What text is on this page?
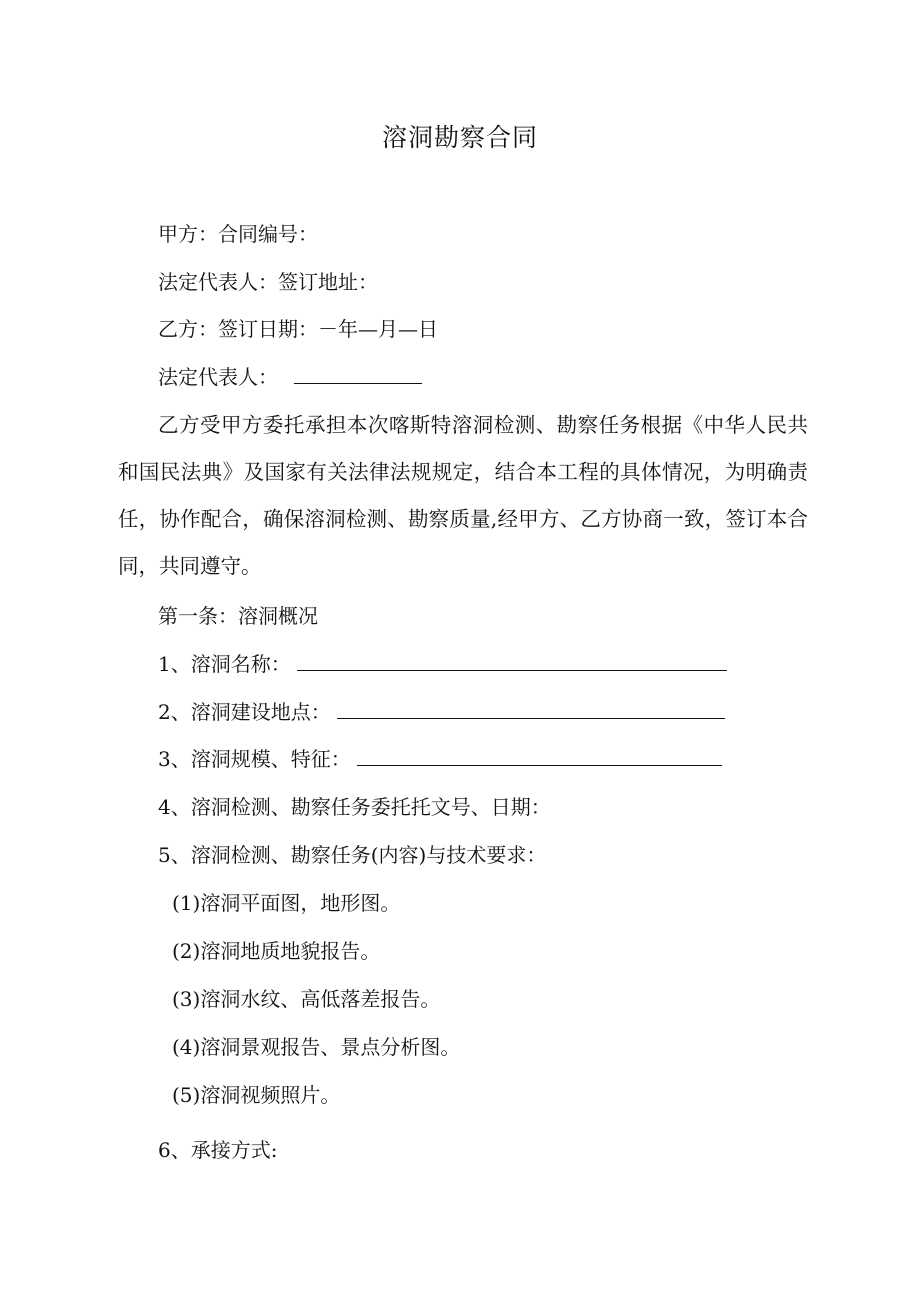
溶洞勘察合同
甲方：合同编号：
法定代表人：签订地址：
乙方：签订日期：－年—月—日
法定代表人：
乙方受甲方委托承担本次喀斯特溶洞检测、勘察任务根据《中华人民共和国民法典》及国家有关法律法规规定，结合本工程的具体情况，为明确责任，协作配合，确保溶洞检测、勘察质量,经甲方、乙方协商一致，签订本合同，共同遵守。
第一条：溶洞概况
1、溶洞名称：
2、溶洞建设地点：
3、溶洞规模、特征：
4、溶洞检测、勘察任务委托托文号、日期：
5、溶洞检测、勘察任务(内容)与技术要求：
(1)溶洞平面图，地形图。
(2)溶洞地质地貌报告。
(3)溶洞水纹、高低落差报告。
(4)溶洞景观报告、景点分析图。
(5)溶洞视频照片。
6、承接方式:
